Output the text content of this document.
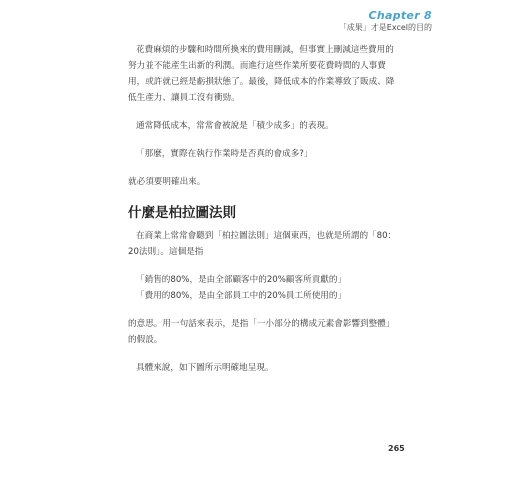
Chapter 8
「成果」才是Excel的目的

花費麻煩的步驟和時間所換來的費用刪減，但事實上刪減這些費用的

努力並不能產生出新的利潤。而進行這些作業所要花費時間的人事費

用，或許就已經是虧損狀態了。最後，降低成本的作業導致了販成、降

低生產力、讓員工沒有衝勁。

通常降低成本，常常會被說是「積少成多」的表現。

「那麼，實際在執行作業時是否真的會成多?」

就必須要明確出來。

什麼是柏拉圖法則

在商業上常常會聽到「柏拉圖法則」這個東西，也就是所謂的「80：

20法則」。這個是指

「銷售的80%，是由全部顧客中的20%顧客所貢獻的」

「費用的80%，是由全部員工中的20%員工所使用的」

的意思。用一句話來表示，是指「一小部分的構成元素會影響到整體」

的假設。

具體來說，如下圖所示明確地呈現。

265
